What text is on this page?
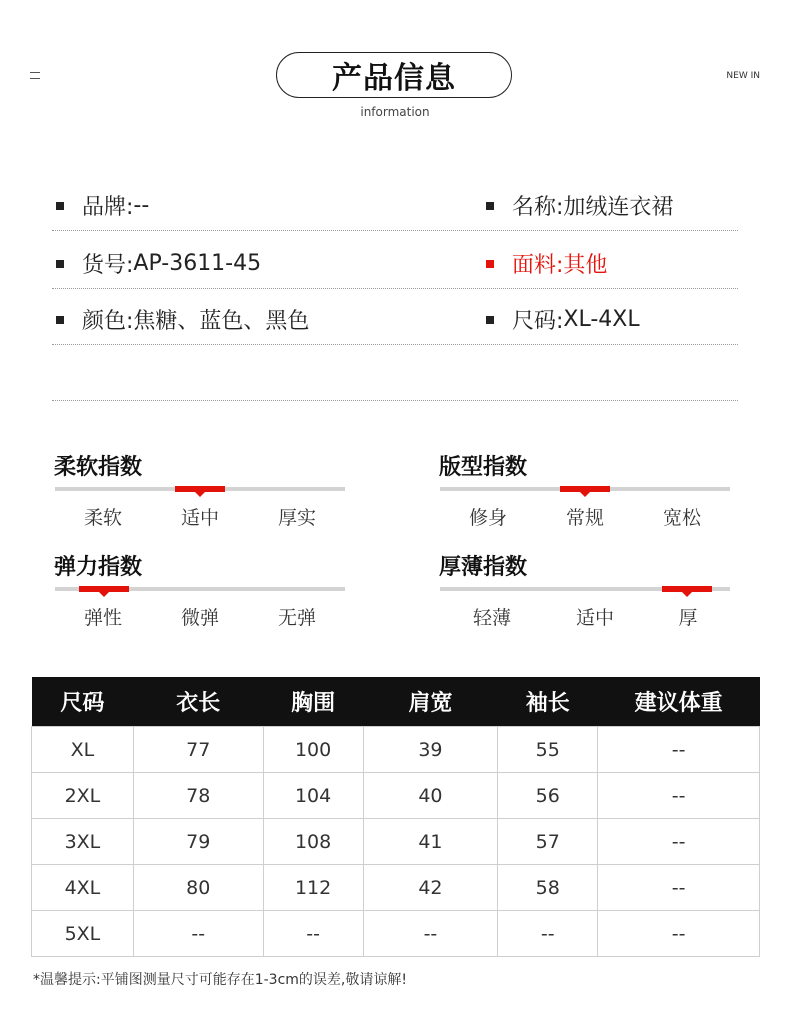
产品信息
information
NEW IN
品牌: --	名称: 加绒连衣裙
货号: AP-3611-45	面料: 其他
颜色: 焦糖、蓝色、黑色	尺码: XL-4XL
柔软指数
柔软	适中	厚实
版型指数
修身	常规	宽松
弹力指数
弹性	微弹	无弹
厚薄指数
轻薄	适中	厚
尺码	衣长	胸围	肩宽	袖长	建议体重
XL	77	100	39	55	--
2XL	78	104	40	56	--
3XL	79	108	41	57	--
4XL	80	112	42	58	--
5XL	--	--	--	--	--
*温馨提示:平铺图测量尺寸可能存在1-3cm的误差,敬请谅解!
